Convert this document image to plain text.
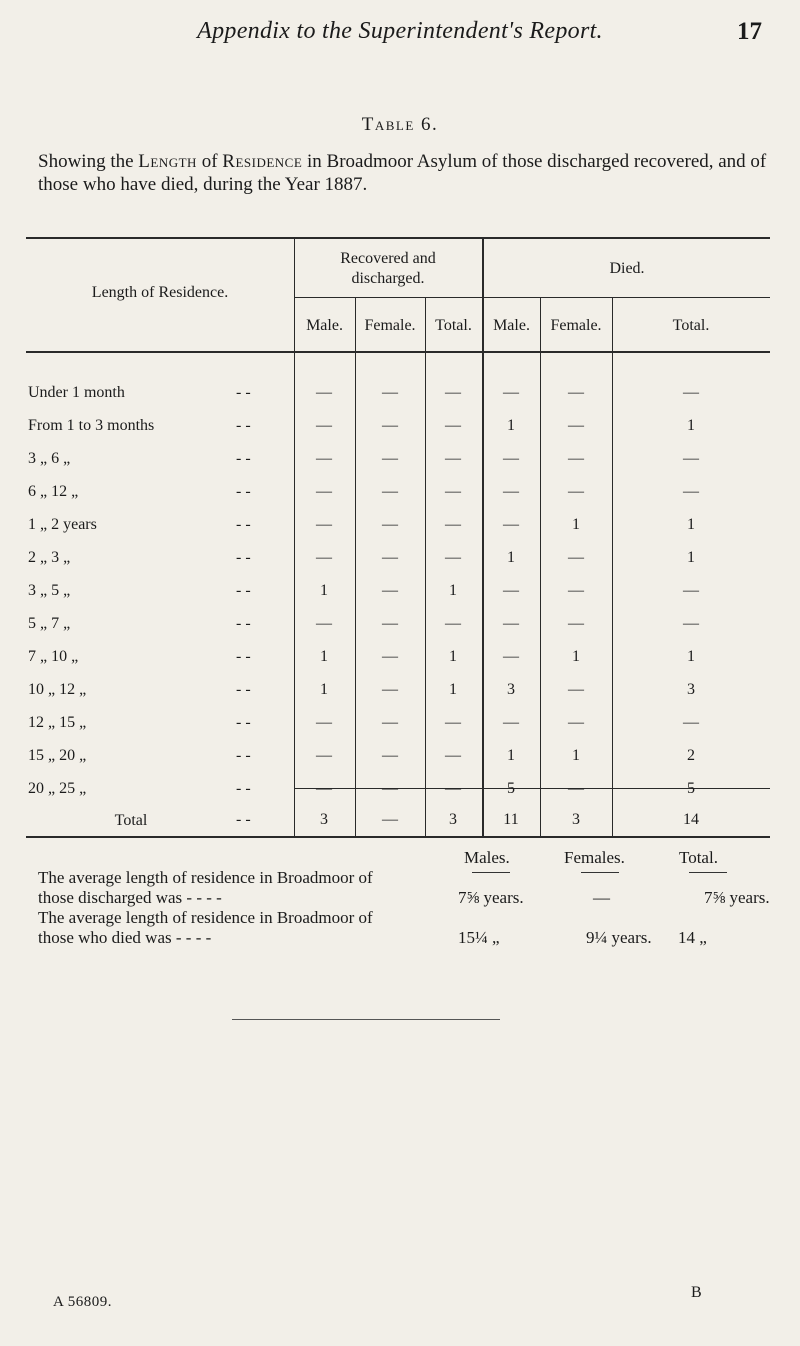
Appendix to the Superintendent's Report.	17
Table 6.
Showing the Length of Residence in Broadmoor Asylum of those discharged recovered, and of those who have died, during the Year 1887.
Length of Residence.
Recovered and discharged.
Died.
Male.	Female.	Total.	Male.	Female.	Total.
Under 1 month	- -	—	—	—	—	—	—
From 1 to 3 months	- -	—	—	—	1	—	1
3 „ 6 „	- -	—	—	—	—	—	—
6 „ 12 „	- -	—	—	—	—	—	—
1 „ 2 years	- -	—	—	—	—	1	1
2 „ 3 „	- -	—	—	—	1	—	1
3 „ 5 „	- -	1	—	1	—	—	—
5 „ 7 „	- -	—	—	—	—	—	—
7 „ 10 „	- -	1	—	1	—	1	1
10 „ 12 „	- -	1	—	1	3	—	3
12 „ 15 „	- -	—	—	—	—	—	—
15 „ 20 „	- -	—	—	—	1	1	2
20 „ 25 „	- -	—	—	—	5	—	5
Total	- -	3	—	3	11	3	14
Males.	Females.	Total.
The average length of residence in Broadmoor of
those discharged was - - - -
The average length of residence in Broadmoor of
those who died was - - - -
7⅝ years.	—	7⅝ years.
15¼ „	9¼ years. 14 „
A 56809.
B
